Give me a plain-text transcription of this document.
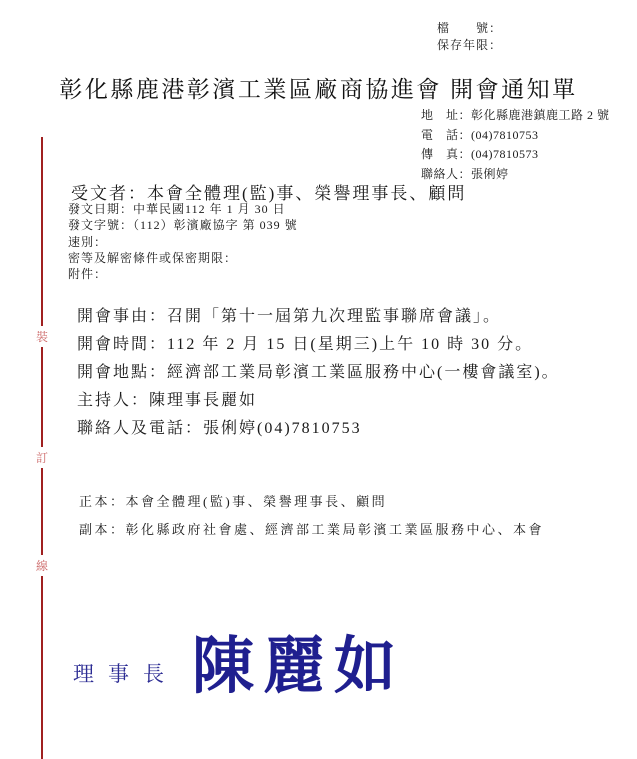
裝
訂
線
檔　　號：
保存年限：
彰化縣鹿港彰濱工業區廠商協進會 開會通知單
地　址：彰化縣鹿港鎮鹿工路 2 號
電　話：(04)7810753
傳　真：(04)7810573
聯絡人：張俐婷
受文者：本會全體理(監)事、榮譽理事長、顧問
發文日期：中華民國112 年 1 月 30 日
發文字號：（112）彰濱廠協字 第 039 號
速別：
密等及解密條件或保密期限：
附件：
開會事由：召開「第十一屆第九次理監事聯席會議」。
開會時間：112 年 2 月 15 日(星期三)上午 10 時 30 分。
開會地點：經濟部工業局彰濱工業區服務中心(一樓會議室)。
主持人：陳理事長麗如
聯絡人及電話：張俐婷(04)7810753
正本：本會全體理(監)事、榮譽理事長、顧問
副本：彰化縣政府社會處、經濟部工業局彰濱工業區服務中心、本會
理事長 陳麗如
